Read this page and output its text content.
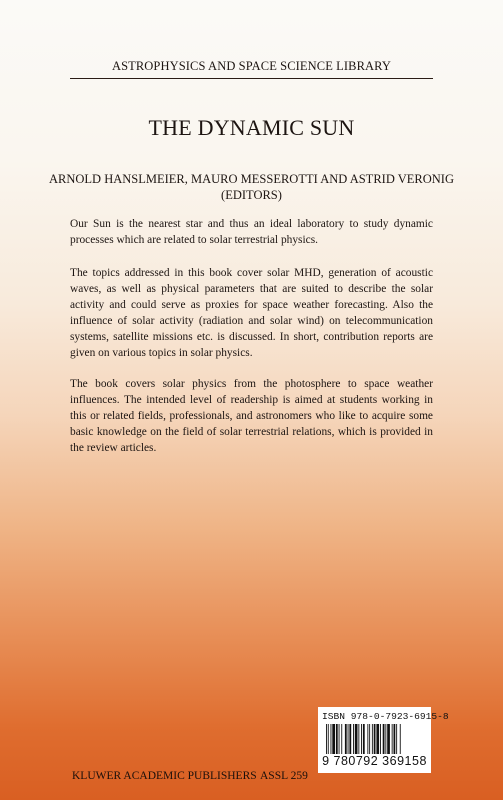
ASTROPHYSICS AND SPACE SCIENCE LIBRARY
THE DYNAMIC SUN
ARNOLD HANSLMEIER, MAURO MESSEROTTI AND ASTRID VERONIG
(EDITORS)

Our Sun is the nearest star and thus an ideal laboratory to study dynamic processes which are related to solar terrestrial physics.

The topics addressed in this book cover solar MHD, generation of acoustic waves, as well as physical parameters that are suited to describe the solar activity and could serve as proxies for space weather forecasting. Also the influence of solar activity (radiation and solar wind) on telecommunication systems, satellite missions etc. is discussed. In short, contribution reports are given on various topics in solar physics.

The book covers solar physics from the photosphere to space weather influences. The intended level of readership is aimed at students working in this or related fields, professionals, and astronomers who like to acquire some basic knowledge on the field of solar terrestrial relations, which is provided in the review articles.

ISBN 978-0-7923-6915-8
9 780792 369158
KLUWER ACADEMIC PUBLISHERS ASSL 259
